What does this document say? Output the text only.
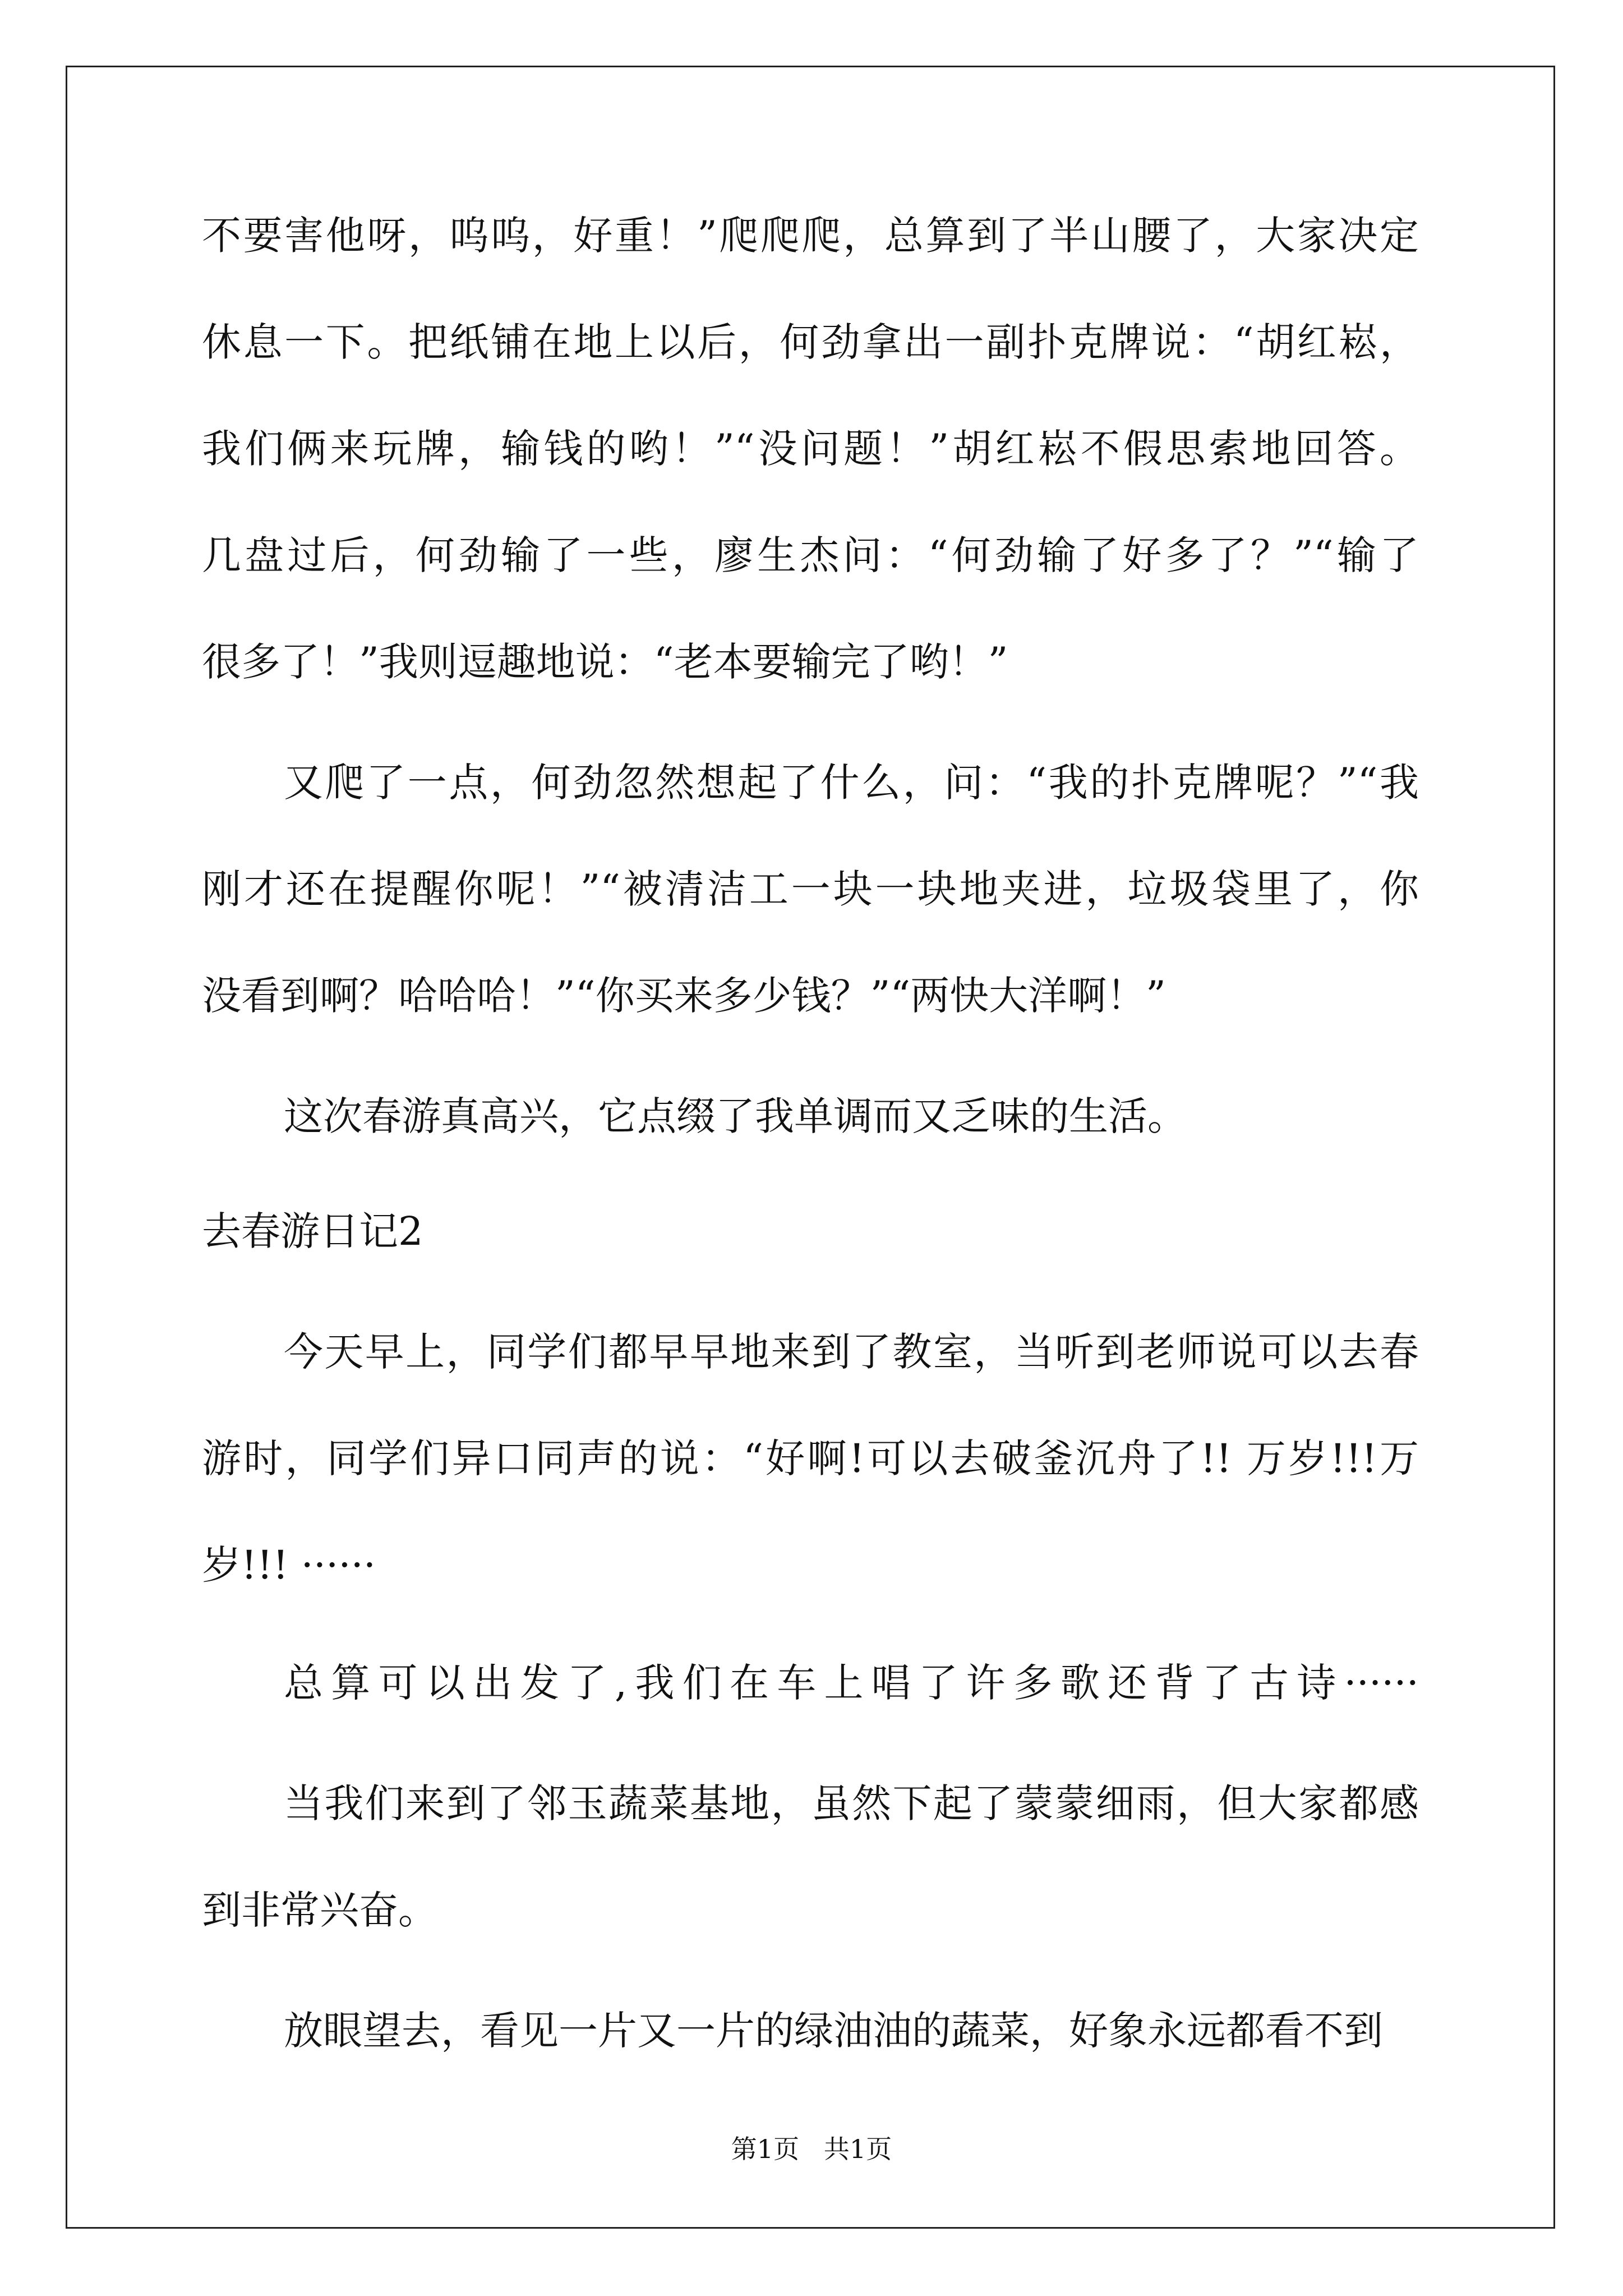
不要害他呀，呜呜，好重！”爬爬爬，总算到了半山腰了，大家决定
休息一下。把纸铺在地上以后，何劲拿出一副扑克牌说：“胡红崧，
我们俩来玩牌，输钱的哟！”“没问题！”胡红崧不假思索地回答。
几盘过后，何劲输了一些，廖生杰问：“何劲输了好多了？”“输了
很多了！”我则逗趣地说：“老本要输完了哟！”
又爬了一点，何劲忽然想起了什么，问：“我的扑克牌呢？”“我
刚才还在提醒你呢！”“被清洁工一块一块地夹进，垃圾袋里了，你
没看到啊？哈哈哈！”“你买来多少钱？”“两快大洋啊！”
这次春游真高兴，它点缀了我单调而又乏味的生活。
去春游日记2
今天早上，同学们都早早地来到了教室，当听到老师说可以去春
游时，同学们异口同声的说：“好啊!可以去破釜沉舟了!! 万岁!!!万
岁!!! ······
总算可以出发了,我们在车上唱了许多歌还背了古诗······
当我们来到了邻玉蔬菜基地，虽然下起了蒙蒙细雨，但大家都感
到非常兴奋。
放眼望去，看见一片又一片的绿油油的蔬菜，好象永远都看不到
第1页   共1页
